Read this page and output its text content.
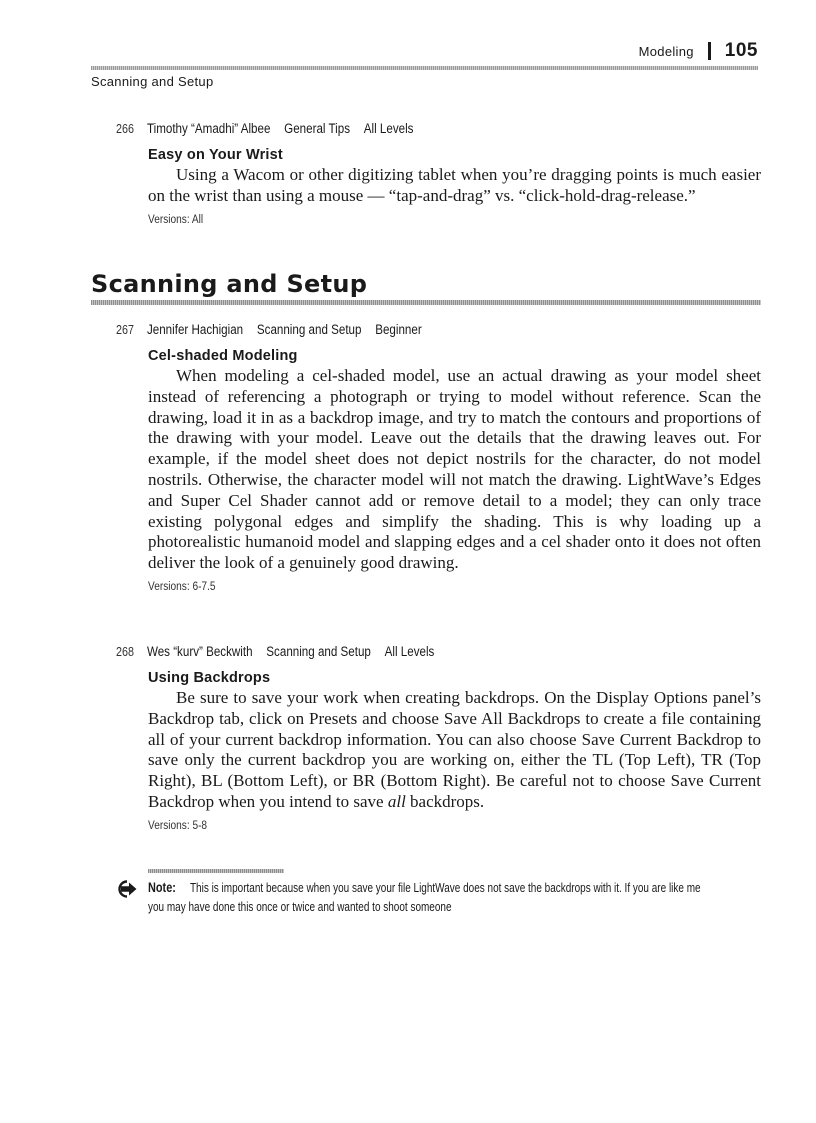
Modeling 105
Scanning and Setup
266 Timothy “Amadhi” Albee General Tips All Levels
Easy on Your Wrist

Using a Wacom or other digitizing tablet when you’re dragging points is much easier on the wrist than using a mouse — “tap-and-drag” vs. “click-hold-drag-release.”

Versions: All
Scanning and Setup
267 Jennifer Hachigian Scanning and Setup Beginner
Cel-shaded Modeling

When modeling a cel-shaded model, use an actual drawing as your model sheet instead of referencing a photograph or trying to model without reference. Scan the drawing, load it in as a backdrop image, and try to match the contours and proportions of the drawing with your model. Leave out the details that the drawing leaves out. For example, if the model sheet does not depict nostrils for the character, do not model nostrils. Otherwise, the character model will not match the drawing. LightWave’s Edges and Super Cel Shader cannot add or remove detail to a model; they can only trace existing polygonal edges and simplify the shading. This is why loading up a photorealistic humanoid model and slapping edges and a cel shader onto it does not often deliver the look of a genuinely good drawing.

Versions: 6-7.5
268 Wes “kurv” Beckwith Scanning and Setup All Levels
Using Backdrops

Be sure to save your work when creating backdrops. On the Display Options panel’s Backdrop tab, click on Presets and choose Save All Backdrops to create a file containing all of your current backdrop information. You can also choose Save Current Backdrop to save only the current backdrop you are working on, either the TL (Top Left), TR (Top Right), BL (Bottom Left), or BR (Bottom Right). Be careful not to choose Save Current Backdrop when you intend to save all backdrops.

Versions: 5-8
Note: This is important because when you save your file LightWave does not save the backdrops with it. If you are like me you may have done this once or twice and wanted to shoot someone
